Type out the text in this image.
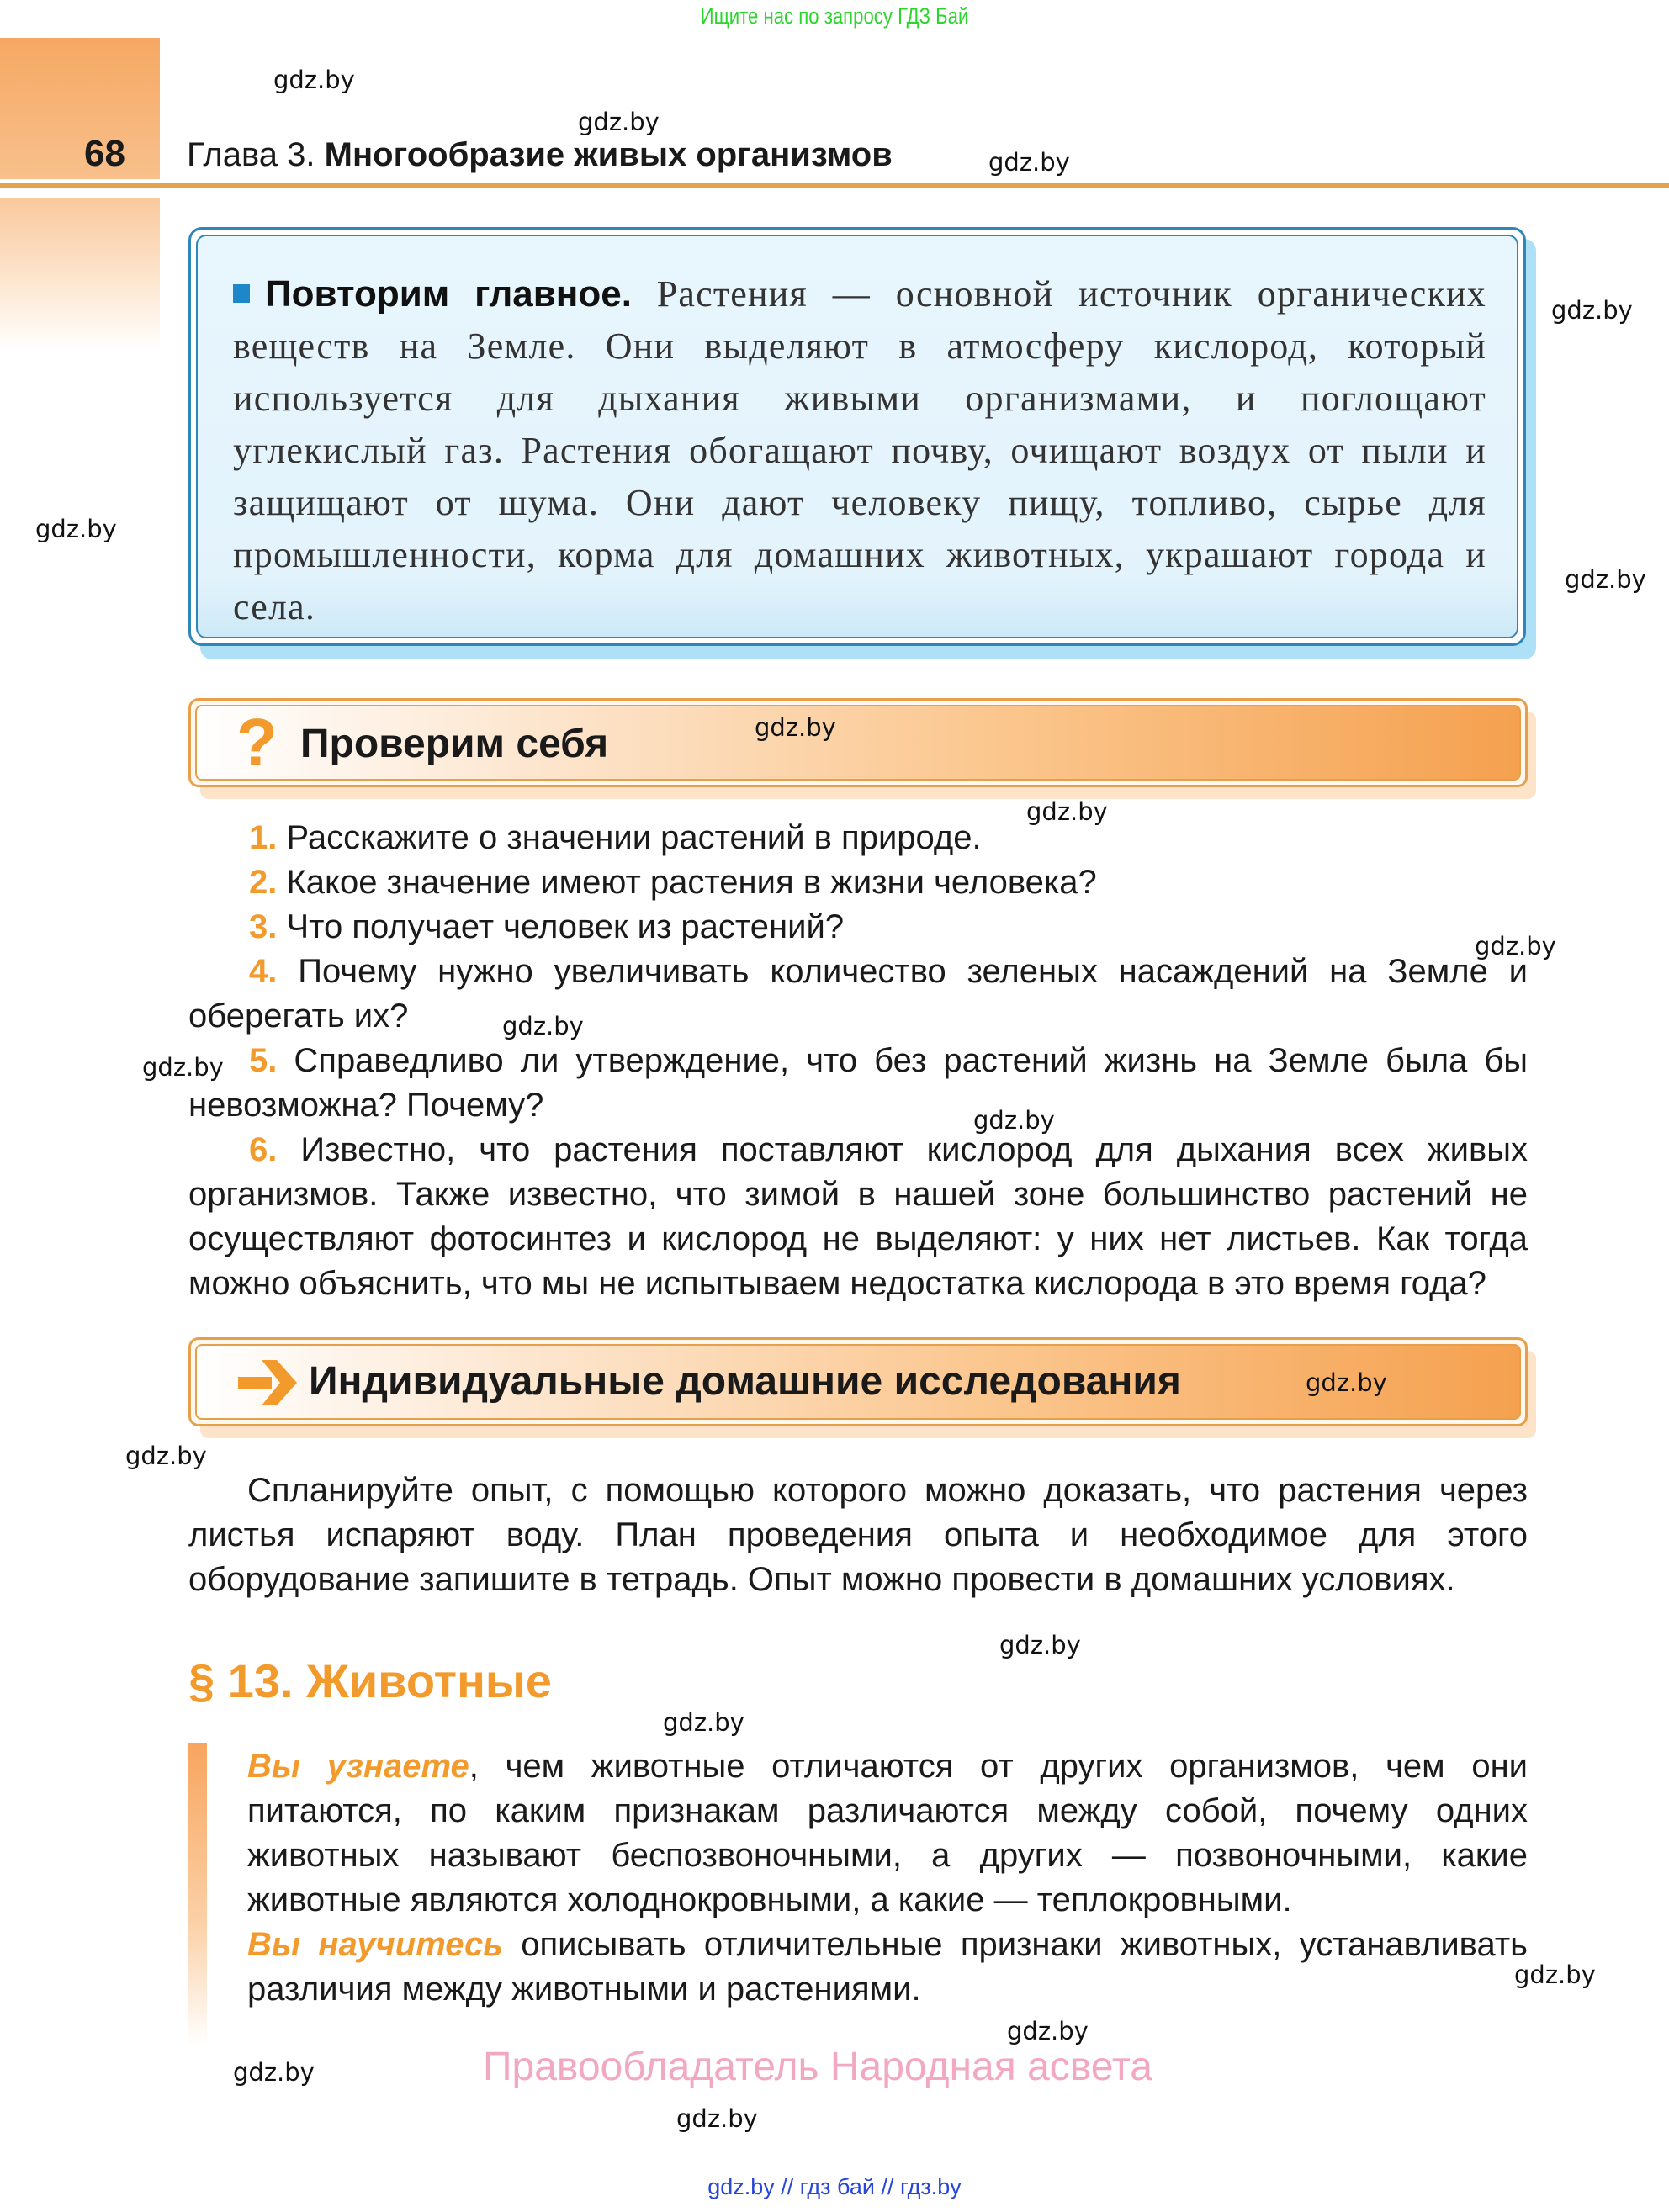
Ищите нас по запросу ГДЗ Бай
68 Глава 3. Многообразие живых организмов
Повторим главное. Растения — основной источник органических веществ на Земле. Они выделяют в атмосферу кислород, который используется для дыхания живыми организмами, и поглощают углекислый газ. Растения обогащают почву, очищают воздух от пыли и защищают от шума. Они дают человеку пищу, топливо, сырье для промышленности, корма для домашних животных, украшают города и села.
? Проверим себя

1. Расскажите о значении растений в природе.

2. Какое значение имеют растения в жизни человека?

3. Что получает человек из растений?

4. Почему нужно увеличивать количество зеленых насаждений на Земле и оберегать их?

5. Справедливо ли утверждение, что без растений жизнь на Земле была бы невозможна? Почему?

6. Известно, что растения поставляют кислород для дыхания всех живых организмов. Также известно, что зимой в нашей зоне большинство растений не осуществляют фотосинтез и кислород не выделяют: у них нет листьев. Как тогда можно объяснить, что мы не испытываем недостатка кислорода в это время года?

Индивидуальные домашние исследования
Спланируйте опыт, с помощью которого можно доказать, что растения через листья испаряют воду. План проведения опыта и необходимое для этого оборудование запишите в тетрадь. Опыт можно провести в домашних условиях.
§ 13. Животные
Вы узнаете, чем животные отличаются от других организмов, чем они питаются, по каким признакам различаются между собой, почему одних животных называют беспозвоночными, а других — позвоночными, какие животные являются холоднокровными, а какие — теплокровными.
Вы научитесь описывать отличительные признаки животных, устанавливать различия между животными и растениями.
Правообладатель Народная асвета
gdz.by // гдз бай // гдз.by
gdz.by
gdz.by
gdz.by
gdz.by
gdz.by
gdz.by
gdz.by
gdz.by
gdz.by
gdz.by
gdz.by
gdz.by
gdz.by
gdz.by
gdz.by
gdz.by
gdz.by
gdz.by
gdz.by
gdz.by
